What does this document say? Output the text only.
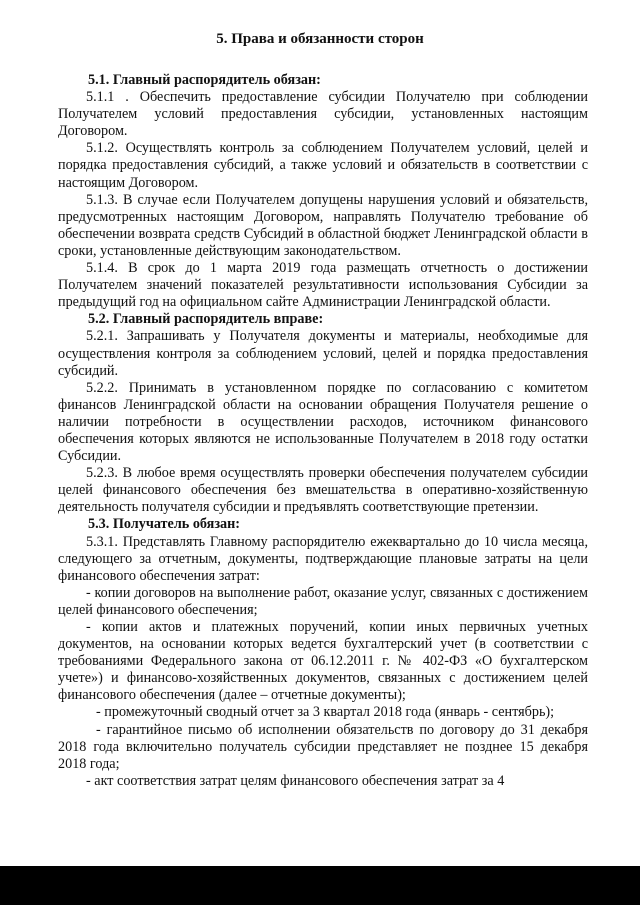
5. Права и обязанности сторон

5.1. Главный распорядитель обязан:

5.1.1 . Обеспечить предоставление субсидии Получателю при соблюдении Получателем условий предоставления субсидии, установленных настоящим Договором.

5.1.2. Осуществлять контроль за соблюдением Получателем условий, целей и порядка предоставления субсидий, а также условий и обязательств в соответствии с настоящим Договором.

5.1.3. В случае если Получателем допущены нарушения условий и обязательств, предусмотренных настоящим Договором, направлять Получателю требование об обеспечении возврата средств Субсидий в областной бюджет Ленинградской области в сроки, установленные действующим законодательством.

5.1.4. В срок до 1 марта 2019 года размещать отчетность о достижении Получателем значений показателей результативности использования Субсидии за предыдущий год на официальном сайте Администрации Ленинградской области.

5.2. Главный распорядитель вправе:

5.2.1. Запрашивать у Получателя документы и материалы, необходимые для осуществления контроля за соблюдением условий, целей и порядка предоставления субсидий.

5.2.2. Принимать в установленном порядке по согласованию с комитетом финансов Ленинградской области на основании обращения Получателя решение о наличии потребности в осуществлении расходов, источником финансового обеспечения которых являются не использованные Получателем в 2018 году остатки Субсидии.

5.2.3. В любое время осуществлять проверки обеспечения получателем субсидии целей финансового обеспечения без вмешательства в оперативно-хозяйственную деятельность получателя субсидии и предъявлять соответствующие претензии.

5.3. Получатель обязан:

5.3.1. Представлять Главному распорядителю ежеквартально до 10 числа месяца, следующего за отчетным, документы, подтверждающие плановые затраты на цели финансового обеспечения затрат:

- копии договоров на выполнение работ, оказание услуг, связанных с достижением целей финансового обеспечения;

- копии актов и платежных поручений, копии иных первичных учетных документов, на основании которых ведется бухгалтерский учет (в соответствии с требованиями Федерального закона от 06.12.2011 г. № 402-ФЗ «О бухгалтерском учете») и финансово-хозяйственных документов, связанных с достижением целей финансового обеспечения (далее – отчетные документы);

- промежуточный сводный отчет за 3 квартал 2018 года (январь - сентябрь);

- гарантийное письмо об исполнении обязательств по договору до 31 декабря 2018 года включительно получатель субсидии представляет не позднее 15 декабря 2018 года;

- акт соответствия затрат целям финансового обеспечения затрат за 4
